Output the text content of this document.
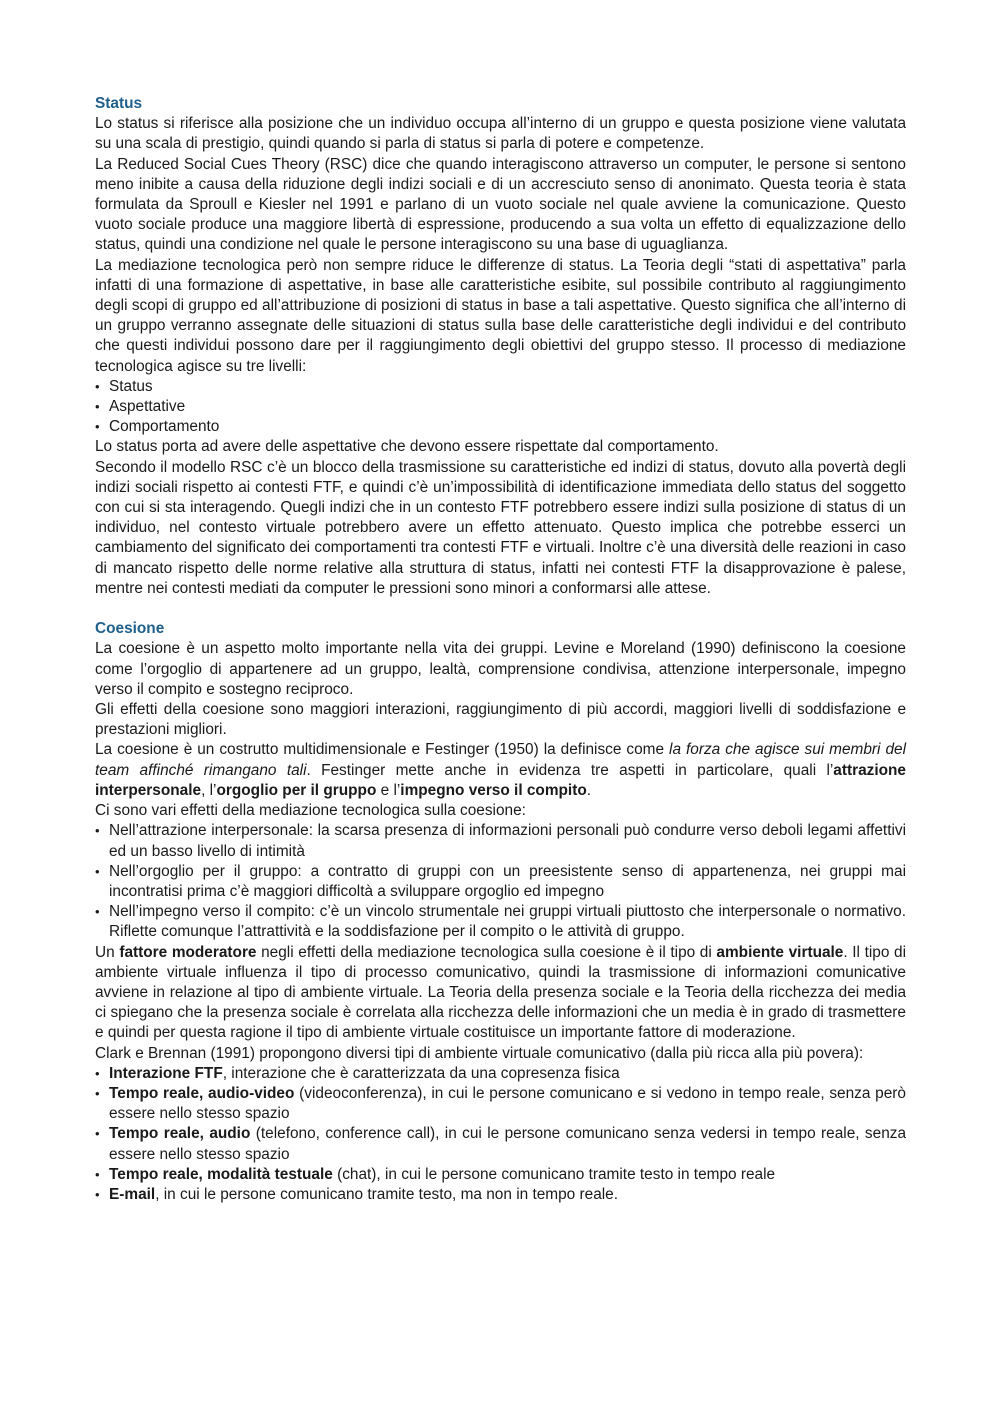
Status

Lo status si riferisce alla posizione che un individuo occupa all’interno di un gruppo e questa posizione viene valutata su una scala di prestigio, quindi quando si parla di status si parla di potere e competenze.

La Reduced Social Cues Theory (RSC) dice che quando interagiscono attraverso un computer, le persone si sentono meno inibite a causa della riduzione degli indizi sociali e di un accresciuto senso di anonimato. Questa teoria è stata formulata da Sproull e Kiesler nel 1991 e parlano di un vuoto sociale nel quale avviene la comunicazione. Questo vuoto sociale produce una maggiore libertà di espressione, producendo a sua volta un effetto di equalizzazione dello status, quindi una condizione nel quale le persone interagiscono su una base di uguaglianza.

La mediazione tecnologica però non sempre riduce le differenze di status. La Teoria degli “stati di aspettativa” parla infatti di una formazione di aspettative, in base alle caratteristiche esibite, sul possibile contributo al raggiungimento degli scopi di gruppo ed all’attribuzione di posizioni di status in base a tali aspettative. Questo significa che all’interno di un gruppo verranno assegnate delle situazioni di status sulla base delle caratteristiche degli individui e del contributo che questi individui possono dare per il raggiungimento degli obiettivi del gruppo stesso. Il processo di mediazione tecnologica agisce su tre livelli:

• Status
• Aspettative
• Comportamento

Lo status porta ad avere delle aspettative che devono essere rispettate dal comportamento.

Secondo il modello RSC c’è un blocco della trasmissione su caratteristiche ed indizi di status, dovuto alla povertà degli indizi sociali rispetto ai contesti FTF, e quindi c’è un’impossibilità di identificazione immediata dello status del soggetto con cui si sta interagendo. Quegli indizi che in un contesto FTF potrebbero essere indizi sulla posizione di status di un individuo, nel contesto virtuale potrebbero avere un effetto attenuato. Questo implica che potrebbe esserci un cambiamento del significato dei comportamenti tra contesti FTF e virtuali. Inoltre c’è una diversità delle reazioni in caso di mancato rispetto delle norme relative alla struttura di status, infatti nei contesti FTF la disapprovazione è palese, mentre nei contesti mediati da computer le pressioni sono minori a conformarsi alle attese.

Coesione

La coesione è un aspetto molto importante nella vita dei gruppi. Levine e Moreland (1990) definiscono la coesione come l’orgoglio di appartenere ad un gruppo, lealtà, comprensione condivisa, attenzione interpersonale, impegno verso il compito e sostegno reciproco.

Gli effetti della coesione sono maggiori interazioni, raggiungimento di più accordi, maggiori livelli di soddisfazione e prestazioni migliori.

La coesione è un costrutto multidimensionale e Festinger (1950) la definisce come la forza che agisce sui membri del team affinché rimangano tali. Festinger mette anche in evidenza tre aspetti in particolare, quali l’attrazione interpersonale, l’orgoglio per il gruppo e l’impegno verso il compito.

Ci sono vari effetti della mediazione tecnologica sulla coesione:

• Nell’attrazione interpersonale: la scarsa presenza di informazioni personali può condurre verso deboli legami affettivi ed un basso livello di intimità
• Nell’orgoglio per il gruppo: a contratto di gruppi con un preesistente senso di appartenenza, nei gruppi mai incontratisi prima c’è maggiori difficoltà a sviluppare orgoglio ed impegno
• Nell’impegno verso il compito: c’è un vincolo strumentale nei gruppi virtuali piuttosto che interpersonale o normativo. Riflette comunque l’attrattività e la soddisfazione per il compito o le attività di gruppo.

Un fattore moderatore negli effetti della mediazione tecnologica sulla coesione è il tipo di ambiente virtuale. Il tipo di ambiente virtuale influenza il tipo di processo comunicativo, quindi la trasmissione di informazioni comunicative avviene in relazione al tipo di ambiente virtuale. La Teoria della presenza sociale e la Teoria della ricchezza dei media ci spiegano che la presenza sociale è correlata alla ricchezza delle informazioni che un media è in grado di trasmettere e quindi per questa ragione il tipo di ambiente virtuale costituisce un importante fattore di moderazione.

Clark e Brennan (1991) propongono diversi tipi di ambiente virtuale comunicativo (dalla più ricca alla più povera):

• Interazione FTF, interazione che è caratterizzata da una copresenza fisica
• Tempo reale, audio-video (videoconferenza), in cui le persone comunicano e si vedono in tempo reale, senza però essere nello stesso spazio
• Tempo reale, audio (telefono, conference call), in cui le persone comunicano senza vedersi in tempo reale, senza essere nello stesso spazio
• Tempo reale, modalità testuale (chat), in cui le persone comunicano tramite testo in tempo reale
• E-mail, in cui le persone comunicano tramite testo, ma non in tempo reale.
